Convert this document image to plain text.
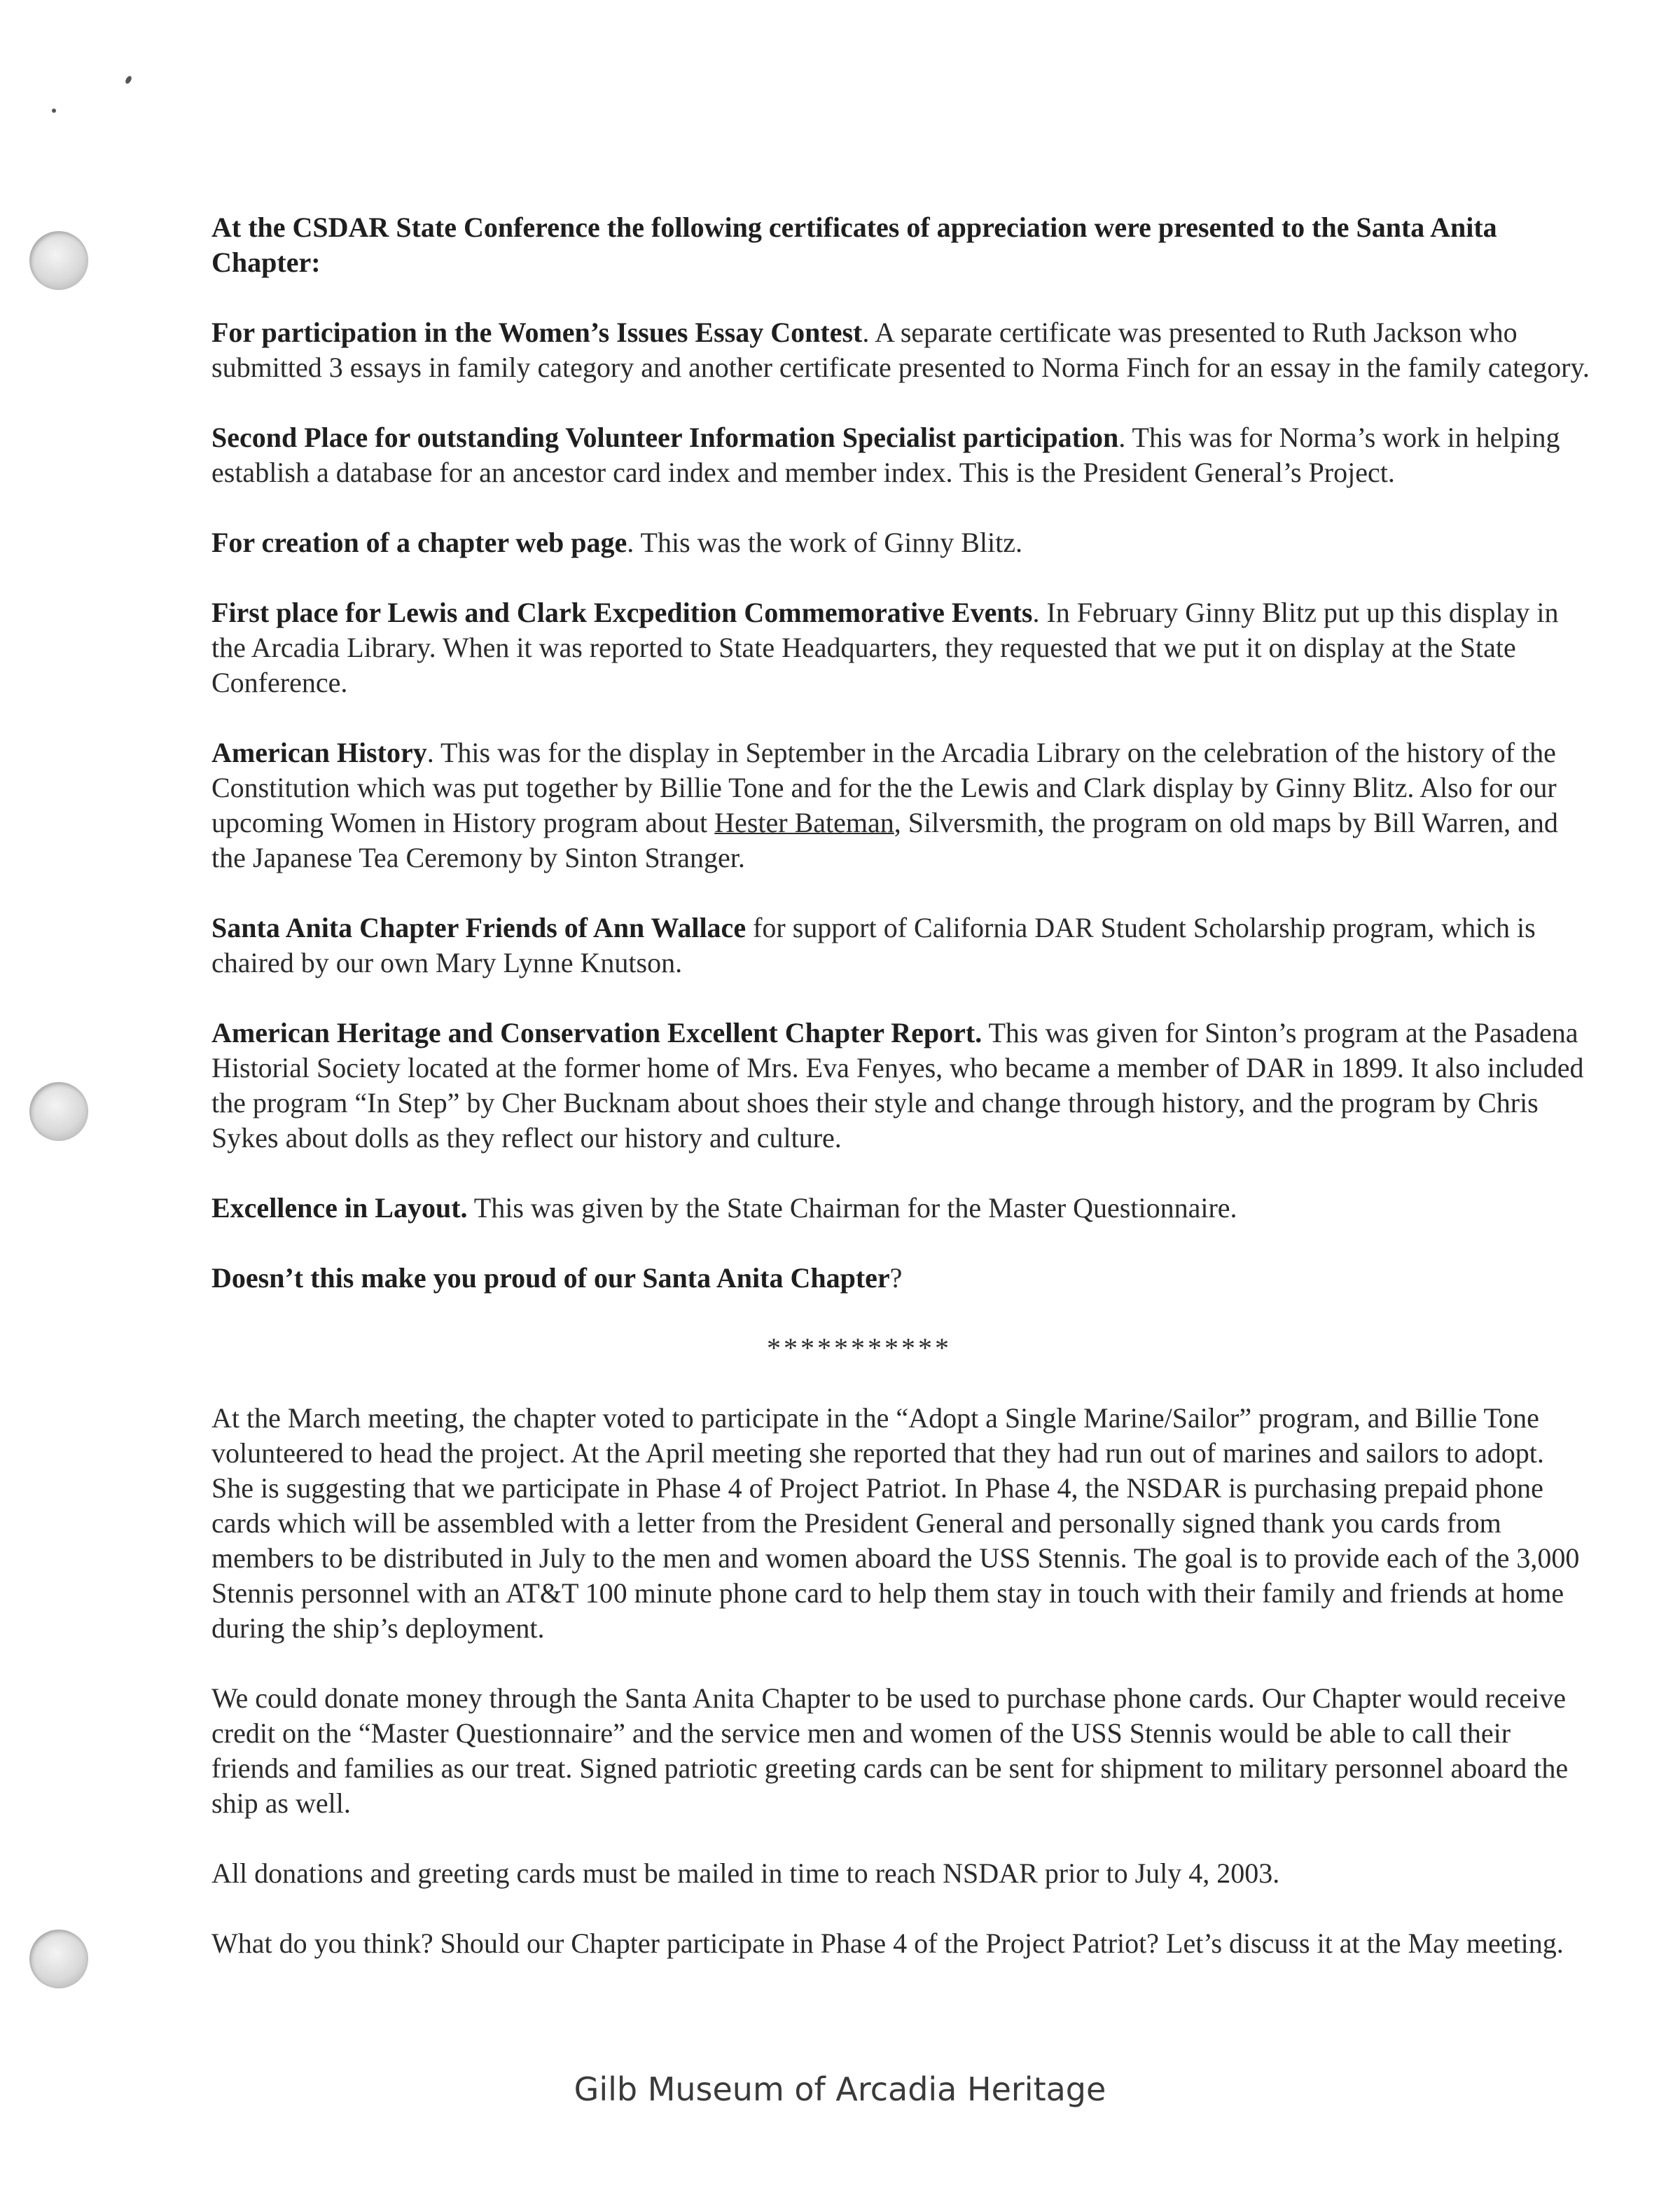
At the CSDAR State Conference the following certificates of appreciation were presented to the Santa Anita Chapter:

For participation in the Women’s Issues Essay Contest. A separate certificate was presented to Ruth Jackson who submitted 3 essays in family category and another certificate presented to Norma Finch for an essay in the family category.

Second Place for outstanding Volunteer Information Specialist participation. This was for Norma’s work in helping establish a database for an ancestor card index and member index. This is the President General’s Project.

For creation of a chapter web page. This was the work of Ginny Blitz.

First place for Lewis and Clark Excpedition Commemorative Events. In February Ginny Blitz put up this display in the Arcadia Library. When it was reported to State Headquarters, they requested that we put it on display at the State Conference.

American History. This was for the display in September in the Arcadia Library on the celebration of the history of the Constitution which was put together by Billie Tone and for the the Lewis and Clark display by Ginny Blitz. Also for our upcoming Women in History program about Hester Bateman, Silversmith, the program on old maps by Bill Warren, and the Japanese Tea Ceremony by Sinton Stranger.

Santa Anita Chapter Friends of Ann Wallace for support of California DAR Student Scholarship program, which is chaired by our own Mary Lynne Knutson.

American Heritage and Conservation Excellent Chapter Report. This was given for Sinton’s program at the Pasadena Historial Society located at the former home of Mrs. Eva Fenyes, who became a member of DAR in 1899. It also included the program “In Step” by Cher Bucknam about shoes their style and change through history, and the program by Chris Sykes about dolls as they reflect our history and culture.

Excellence in Layout. This was given by the State Chairman for the Master Questionnaire.

Doesn’t this make you proud of our Santa Anita Chapter?

***********

At the March meeting, the chapter voted to participate in the “Adopt a Single Marine/Sailor” program, and Billie Tone volunteered to head the project. At the April meeting she reported that they had run out of marines and sailors to adopt. She is suggesting that we participate in Phase 4 of Project Patriot. In Phase 4, the NSDAR is purchasing prepaid phone cards which will be assembled with a letter from the President General and personally signed thank you cards from members to be distributed in July to the men and women aboard the USS Stennis. The goal is to provide each of the 3,000 Stennis personnel with an AT&T 100 minute phone card to help them stay in touch with their family and friends at home during the ship’s deployment.

We could donate money through the Santa Anita Chapter to be used to purchase phone cards. Our Chapter would receive credit on the “Master Questionnaire” and the service men and women of the USS Stennis would be able to call their friends and families as our treat. Signed patriotic greeting cards can be sent for shipment to military personnel aboard the ship as well.

All donations and greeting cards must be mailed in time to reach NSDAR prior to July 4, 2003.

What do you think? Should our Chapter participate in Phase 4 of the Project Patriot? Let’s discuss it at the May meeting.

Gilb Museum of Arcadia Heritage
